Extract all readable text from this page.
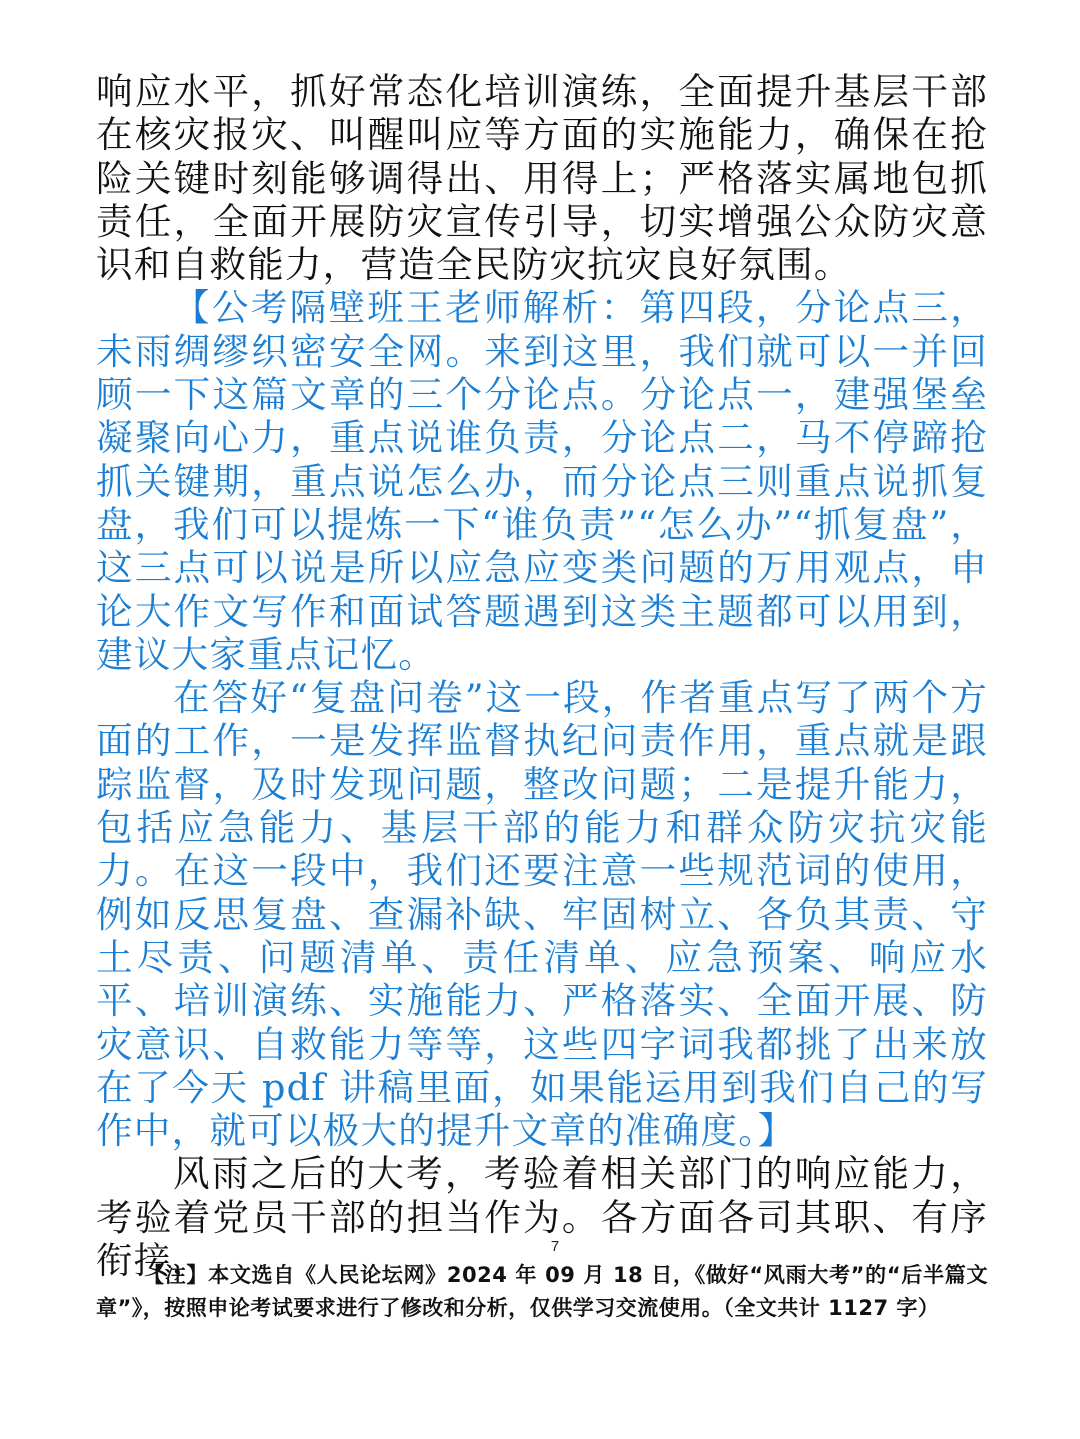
响应水平，抓好常态化培训演练，全面提升基层干部在核灾报灾、叫醒叫应等方面的实施能力，确保在抢险关键时刻能够调得出、用得上；严格落实属地包抓责任，全面开展防灾宣传引导，切实增强公众防灾意识和自救能力，营造全民防灾抗灾良好氛围。

【公考隔壁班王老师解析：第四段，分论点三，未雨绸缪织密安全网。来到这里，我们就可以一并回顾一下这篇文章的三个分论点。分论点一，建强堡垒凝聚向心力，重点说谁负责，分论点二，马不停蹄抢抓关键期，重点说怎么办，而分论点三则重点说抓复盘，我们可以提炼一下“谁负责”“怎么办”“抓复盘”，这三点可以说是所以应急应变类问题的万用观点，申论大作文写作和面试答题遇到这类主题都可以用到，建议大家重点记忆。

在答好“复盘问卷”这一段，作者重点写了两个方面的工作，一是发挥监督执纪问责作用，重点就是跟踪监督，及时发现问题，整改问题；二是提升能力，包括应急能力、基层干部的能力和群众防灾抗灾能力。在这一段中，我们还要注意一些规范词的使用，例如反思复盘、查漏补缺、牢固树立、各负其责、守土尽责、问题清单、责任清单、应急预案、响应水平、培训演练、实施能力、严格落实、全面开展、防灾意识、自救能力等等，这些四字词我都挑了出来放在了今天 pdf 讲稿里面，如果能运用到我们自己的写作中，就可以极大的提升文章的准确度。】

风雨之后的大考，考验着相关部门的响应能力，考验着党员干部的担当作为。各方面各司其职、有序衔接，	7

【注】本文选自《人民论坛网》2024 年 09 月 18 日，《做好“风雨大考”的“后半篇文章”》，按照申论考试要求进行了修改和分析，仅供学习交流使用。（全文共计 1127 字）
